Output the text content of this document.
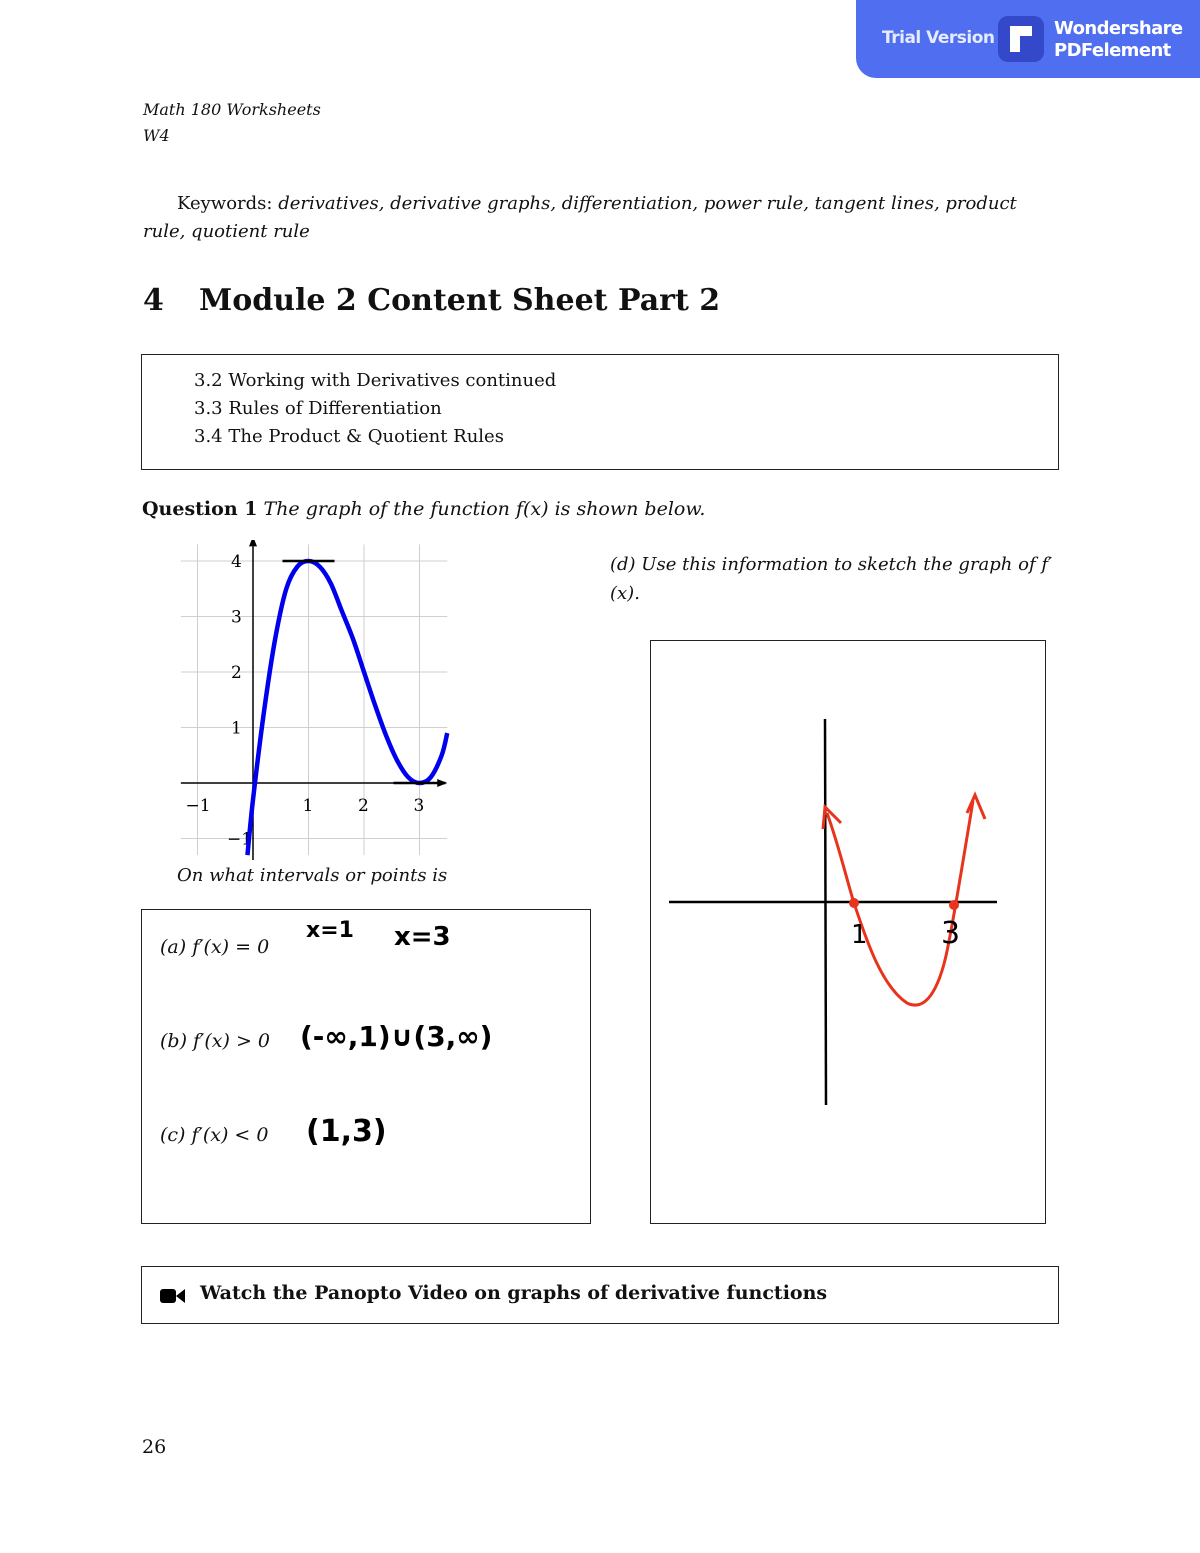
Trial Version	Wondershare
PDFelement
Math 180 Worksheets
W4
Keywords: derivatives, derivative graphs, differentiation, power rule, tangent lines, product rule, quotient rule
4 Module 2 Content Sheet Part 2
3.2 Working with Derivatives continued
3.3 Rules of Differentiation
3.4 The Product & Quotient Rules
Question 1 The graph of the function f(x) is shown below.
−1	1	2	3
4
3
2
1
−1
On what intervals or points is
(a) f′(x) = 0
x=1 x=3
(b) f′(x) > 0 (-∞,1)∪(3,∞)
(c) f′(x) < 0 (1,3)
(d) Use this information to sketch the graph of f′(x).
1 3
Watch the Panopto Video on graphs of derivative functions
26
